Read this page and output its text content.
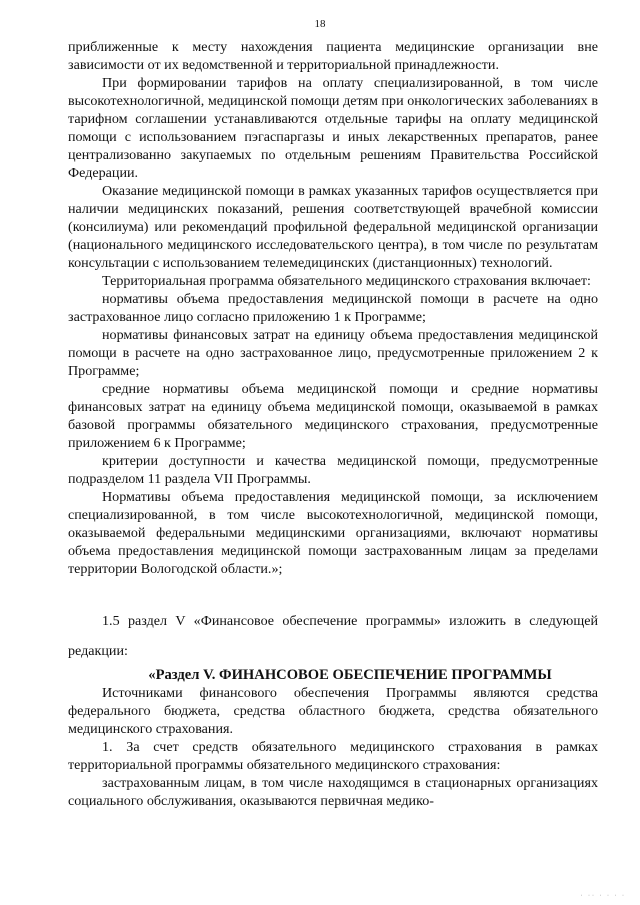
18

приближенные к месту нахождения пациента медицинские организации вне зависимости от их ведомственной и территориальной принадлежности.

При формировании тарифов на оплату специализированной, в том числе высокотехнологичной, медицинской помощи детям при онкологических заболеваниях в тарифном соглашении устанавливаются отдельные тарифы на оплату медицинской помощи с использованием пэгаспаргазы и иных лекарственных препаратов, ранее централизованно закупаемых по отдельным решениям Правительства Российской Федерации.

Оказание медицинской помощи в рамках указанных тарифов осуществляется при наличии медицинских показаний, решения соответствующей врачебной комиссии (консилиума) или рекомендаций профильной федеральной медицинской организации (национального медицинского исследовательского центра), в том числе по результатам консультации с использованием телемедицинских (дистанционных) технологий.

Территориальная программа обязательного медицинского страхования включает:

нормативы объема предоставления медицинской помощи в расчете на одно застрахованное лицо согласно приложению 1 к Программе;

нормативы финансовых затрат на единицу объема предоставления медицинской помощи в расчете на одно застрахованное лицо, предусмотренные приложением 2 к Программе;

средние нормативы объема медицинской помощи и средние нормативы финансовых затрат на единицу объема медицинской помощи, оказываемой в рамках базовой программы обязательного медицинского страхования, предусмотренные приложением 6 к Программе;

критерии доступности и качества медицинской помощи, предусмотренные подразделом 11 раздела VII Программы.

Нормативы объема предоставления медицинской помощи, за исключением специализированной, в том числе высокотехнологичной, медицинской помощи, оказываемой федеральными медицинскими организациями, включают нормативы объема предоставления медицинской помощи застрахованным лицам за пределами территории Вологодской области.»;

1.5 раздел V «Финансовое обеспечение программы» изложить в следующей редакции:

«Раздел V. ФИНАНСОВОЕ ОБЕСПЕЧЕНИЕ ПРОГРАММЫ

Источниками финансового обеспечения Программы являются средства федерального бюджета, средства областного бюджета, средства обязательного медицинского страхования.

1. За счет средств обязательного медицинского страхования в рамках территориальной программы обязательного медицинского страхования:

застрахованным лицам, в том числе находящимся в стационарных организациях социального обслуживания, оказываются первичная медико-

· ·· · · · ·
